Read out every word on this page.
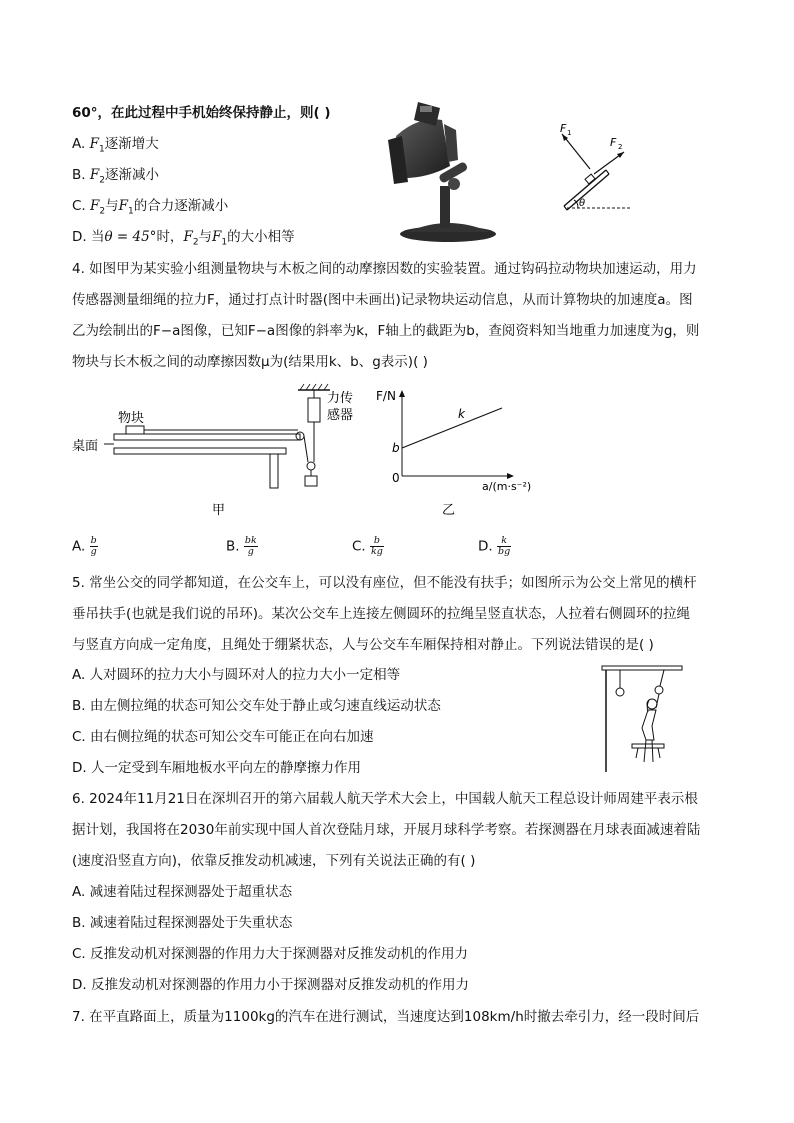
60°，在此过程中手机始终保持静止，则( )
A. $F_1$逐渐增大
B. $F_2$逐渐减小
C. $F_2$与$F_1$的合力逐渐减小
D. 当θ = 45°时，$F_2$与$F_1$的大小相等
F 1
F 2
θ
4. 如图甲为某实验小组测量物块与木板之间的动摩擦因数的实验装置。通过钩码拉动物块加速运动，用力
传感器测量细绳的拉力F，通过打点计时器(图中未画出)记录物块运动信息，从而计算物块的加速度a。图
乙为绘制出的F−a图像，已知F−a图像的斜率为k，F轴上的截距为b，查阅资料知当地重力加速度为g，则
物块与长木板之间的动摩擦因数μ为(结果用k、b、g表示)( )
力传
感器
物块
桌面
甲
F/N
k
b
0
a/(m·s⁻²)
乙
A. $\frac{b}{g}$	B. $\frac{bk}{g}$	C. $\frac{b}{kg}$	D. $\frac{k}{bg}$
5. 常坐公交的同学都知道，在公交车上，可以没有座位，但不能没有扶手；如图所示为公交上常见的横杆
垂吊扶手(也就是我们说的吊环)。某次公交车上连接左侧圆环的拉绳呈竖直状态，人拉着右侧圆环的拉绳
与竖直方向成一定角度，且绳处于绷紧状态，人与公交车车厢保持相对静止。下列说法错误的是( )
A. 人对圆环的拉力大小与圆环对人的拉力大小一定相等
B. 由左侧拉绳的状态可知公交车处于静止或匀速直线运动状态
C. 由右侧拉绳的状态可知公交车可能正在向右加速
D. 人一定受到车厢地板水平向左的静摩擦力作用
6. 2024年11月21日在深圳召开的第六届载人航天学术大会上，中国载人航天工程总设计师周建平表示根
据计划，我国将在2030年前实现中国人首次登陆月球，开展月球科学考察。若探测器在月球表面减速着陆
(速度沿竖直方向)，依靠反推发动机减速，下列有关说法正确的有( )
A. 减速着陆过程探测器处于超重状态
B. 减速着陆过程探测器处于失重状态
C. 反推发动机对探测器的作用力大于探测器对反推发动机的作用力
D. 反推发动机对探测器的作用力小于探测器对反推发动机的作用力
7. 在平直路面上，质量为1100kg的汽车在进行测试，当速度达到108km/h时撤去牵引力，经一段时间后
